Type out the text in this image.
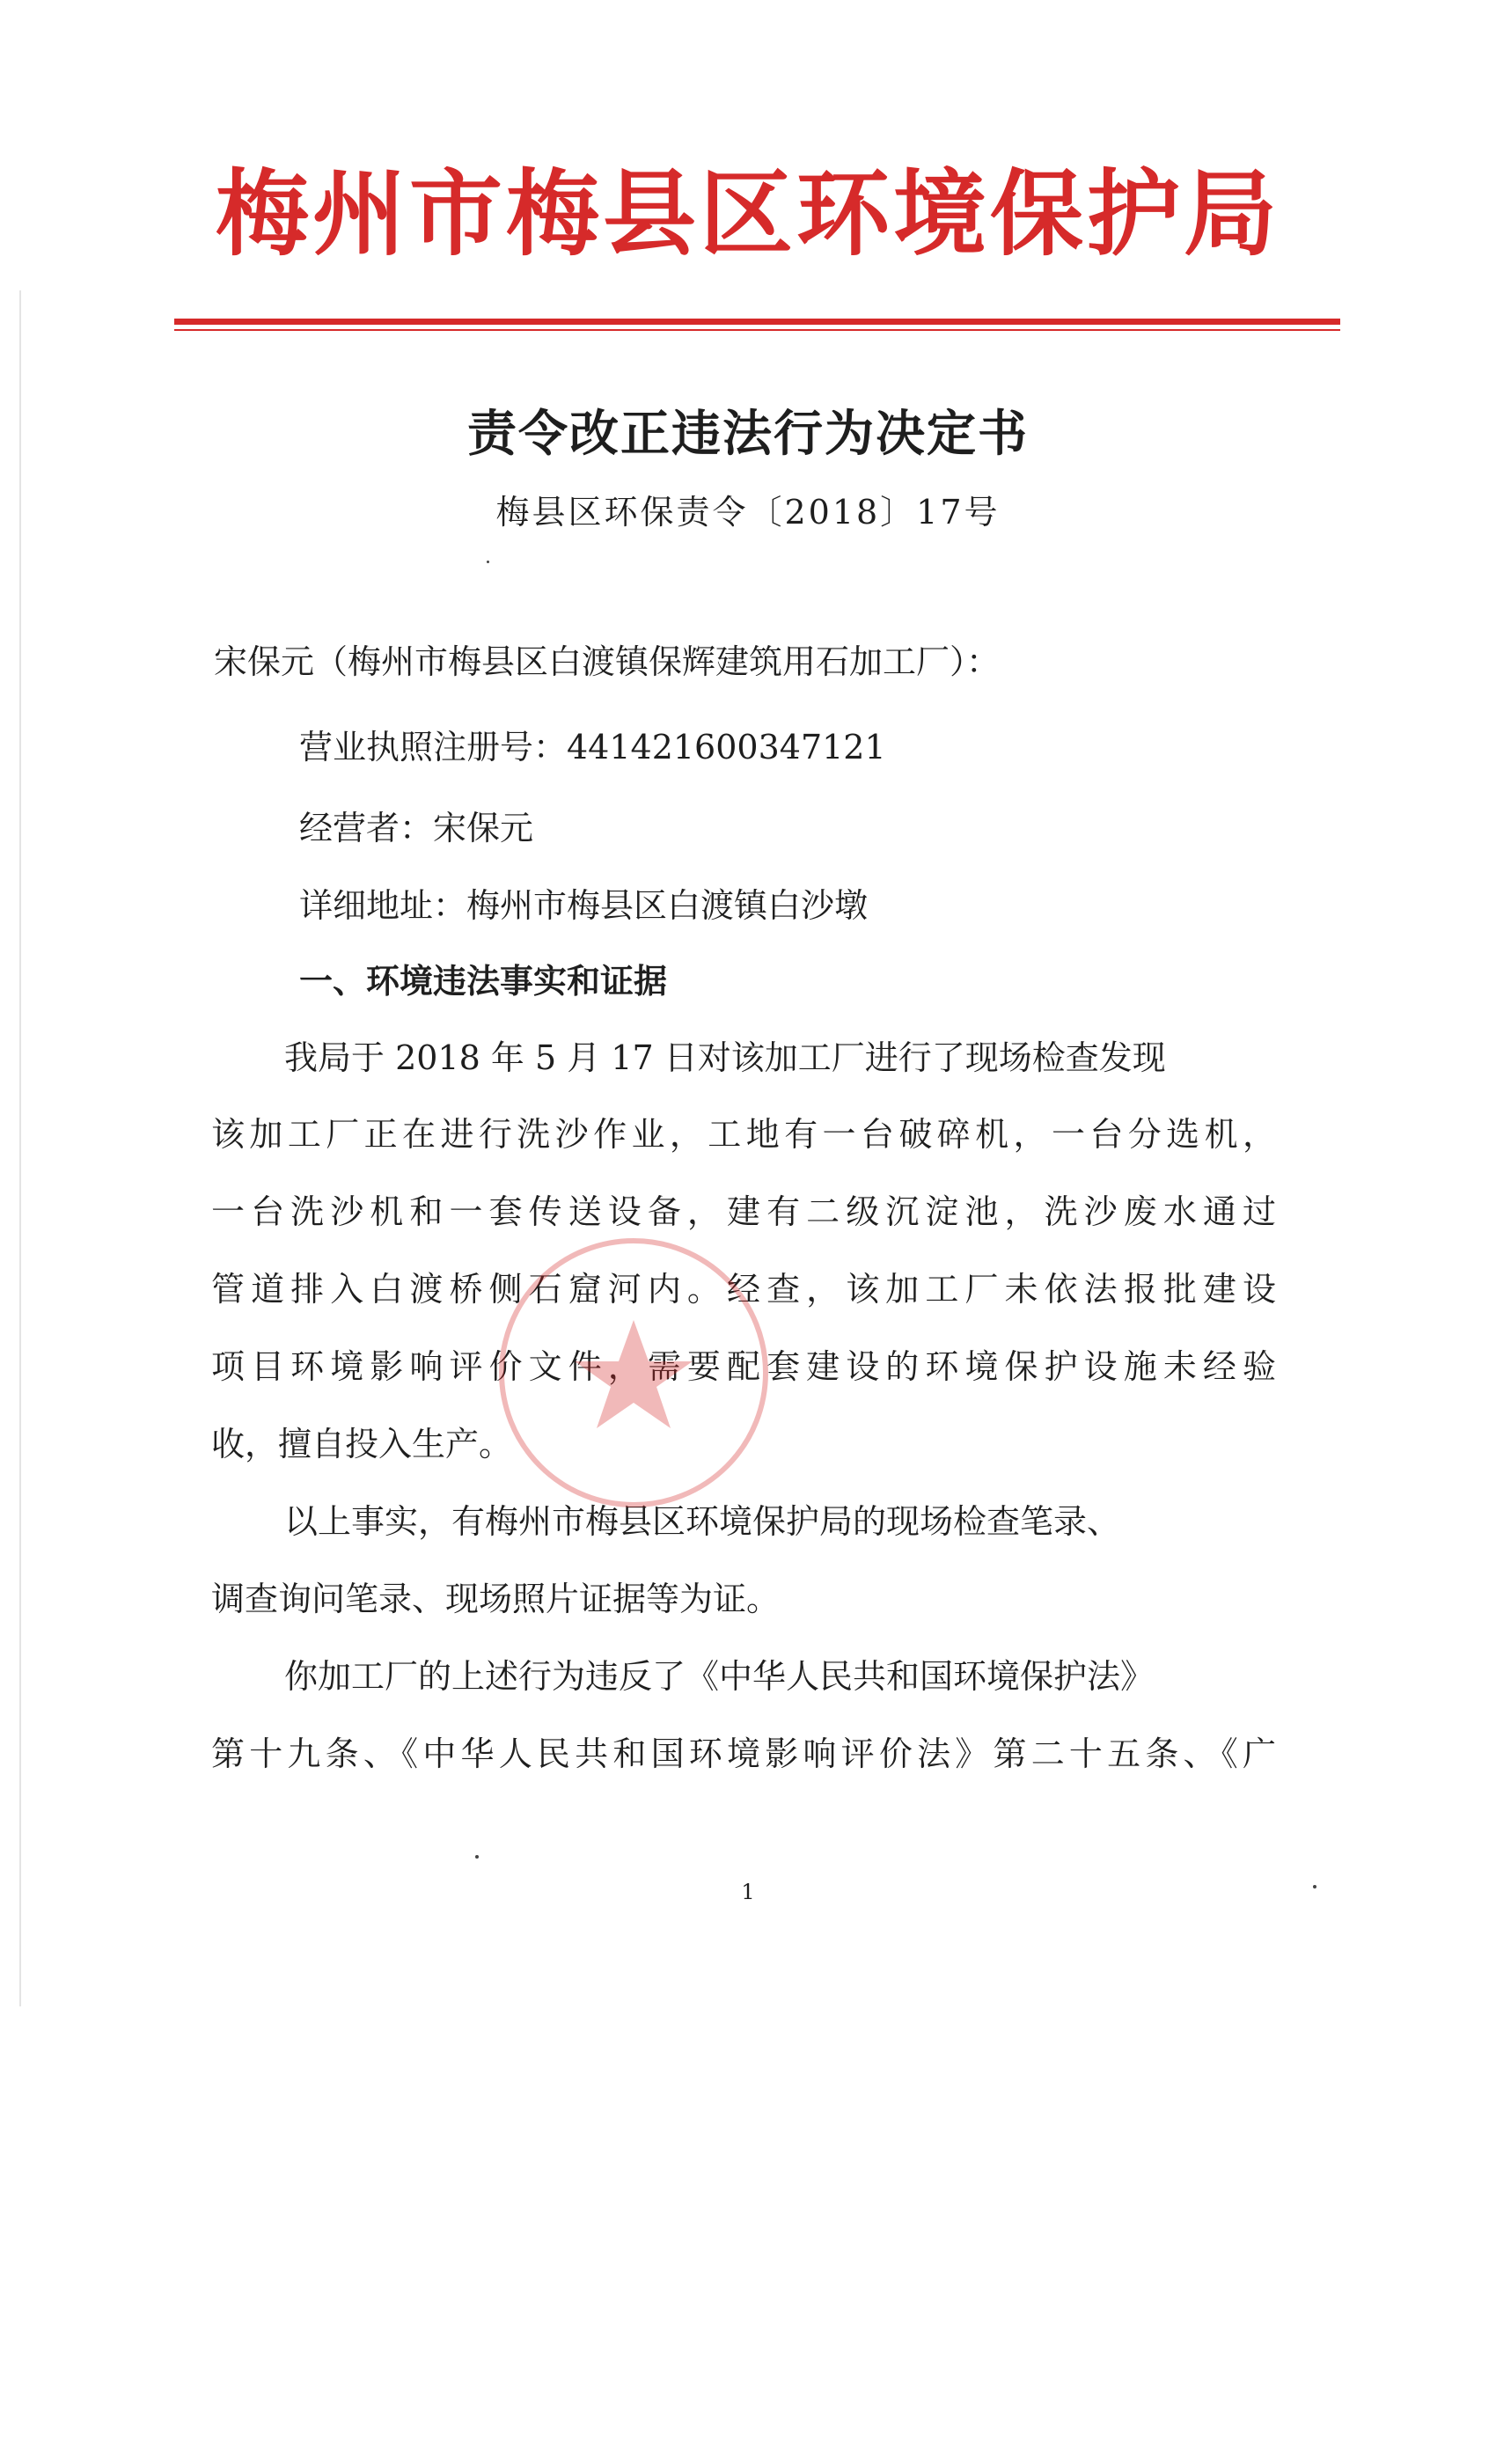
梅州市梅县区环境保护局
责令改正违法行为决定书
梅县区环保责令〔2018〕17号
宋保元（梅州市梅县区白渡镇保辉建筑用石加工厂）：
营业执照注册号：441421600347121
经营者：宋保元
详细地址：梅州市梅县区白渡镇白沙墩
一、环境违法事实和证据
我局于 2018 年 5 月 17 日对该加工厂进行了现场检查发现
该加工厂正在进行洗沙作业，工地有一台破碎机，一台分选机，
一台洗沙机和一套传送设备，建有二级沉淀池，洗沙废水通过
管道排入白渡桥侧石窟河内。经查，该加工厂未依法报批建设
项目环境影响评价文件，需要配套建设的环境保护设施未经验
收，擅自投入生产。
以上事实，有梅州市梅县区环境保护局的现场检查笔录、
调查询问笔录、现场照片证据等为证。
你加工厂的上述行为违反了《中华人民共和国环境保护法》
第十九条、《中华人民共和国环境影响评价法》第二十五条、《广
1
